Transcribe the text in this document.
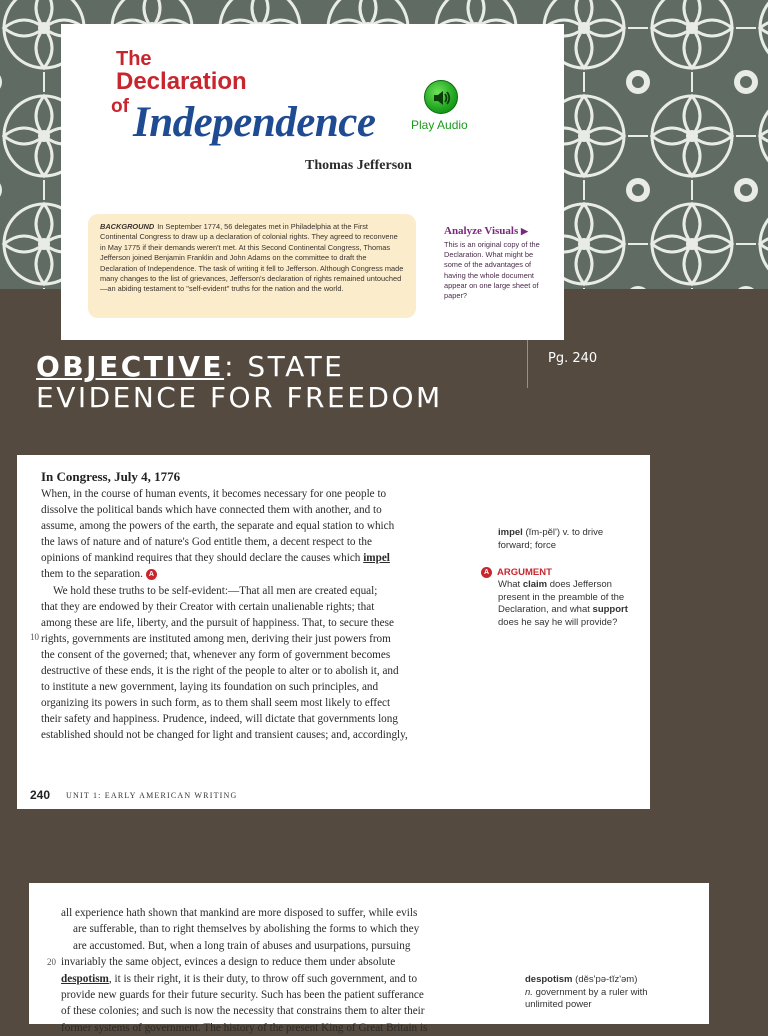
The
Declaration
of Independence
Thomas Jefferson
Play Audio
BACKGROUND In September 1774, 56 delegates met in Philadelphia at the First Continental Congress to draw up a declaration of colonial rights. They agreed to reconvene in May 1775 if their demands weren't met. At this Second Continental Congress, Thomas Jefferson joined Benjamin Franklin and John Adams on the committee to draft the Declaration of Independence. The task of writing it fell to Jefferson. Although Congress made many changes to the list of grievances, Jefferson's declaration of rights remained untouched—an abiding testament to "self-evident" truths for the nation and the world.
Analyze Visuals ▶
This is an original copy of the Declaration. What might be some of the advantages of having the whole document appear on one large sheet of paper?
OBJECTIVE: STATE EVIDENCE FOR FREEDOM
Pg. 240
In Congress, July 4, 1776
When, in the course of human events, it becomes necessary for one people to
dissolve the political bands which have connected them with another, and to
assume, among the powers of the earth, the separate and equal station to which
the laws of nature and of nature's God entitle them, a decent respect to the
opinions of mankind requires that they should declare the causes which impel
them to the separation. A
We hold these truths to be self-evident:—That all men are created equal;
that they are endowed by their Creator with certain unalienable rights; that
among these are life, liberty, and the pursuit of happiness. That, to secure these
rights, governments are instituted among men, deriving their just powers from
the consent of the governed; that, whenever any form of government becomes
destructive of these ends, it is the right of the people to alter or to abolish it, and
to institute a new government, laying its foundation on such principles, and
organizing its powers in such form, as to them shall seem most likely to effect
their safety and happiness. Prudence, indeed, will dictate that governments long
established should not be changed for light and transient causes; and, accordingly,
10
impel (ĭm-pĕl') v. to drive forward; force
A ARGUMENT
What claim does Jefferson present in the preamble of the Declaration, and what support does he say he will provide?
240 UNIT 1: EARLY AMERICAN WRITING
all experience hath shown that mankind are more disposed to suffer, while evils
are sufferable, than to right themselves by abolishing the forms to which they
are accustomed. But, when a long train of abuses and usurpations, pursuing
invariably the same object, evinces a design to reduce them under absolute
despotism, it is their right, it is their duty, to throw off such government, and to
provide new guards for their future security. Such has been the patient sufferance
of these colonies; and such is now the necessity that constrains them to alter their
former systems of government. The history of the present King of Great Britain is
20
despotism (dĕs'pə-tĭz'əm)
n. government by a ruler with unlimited power
